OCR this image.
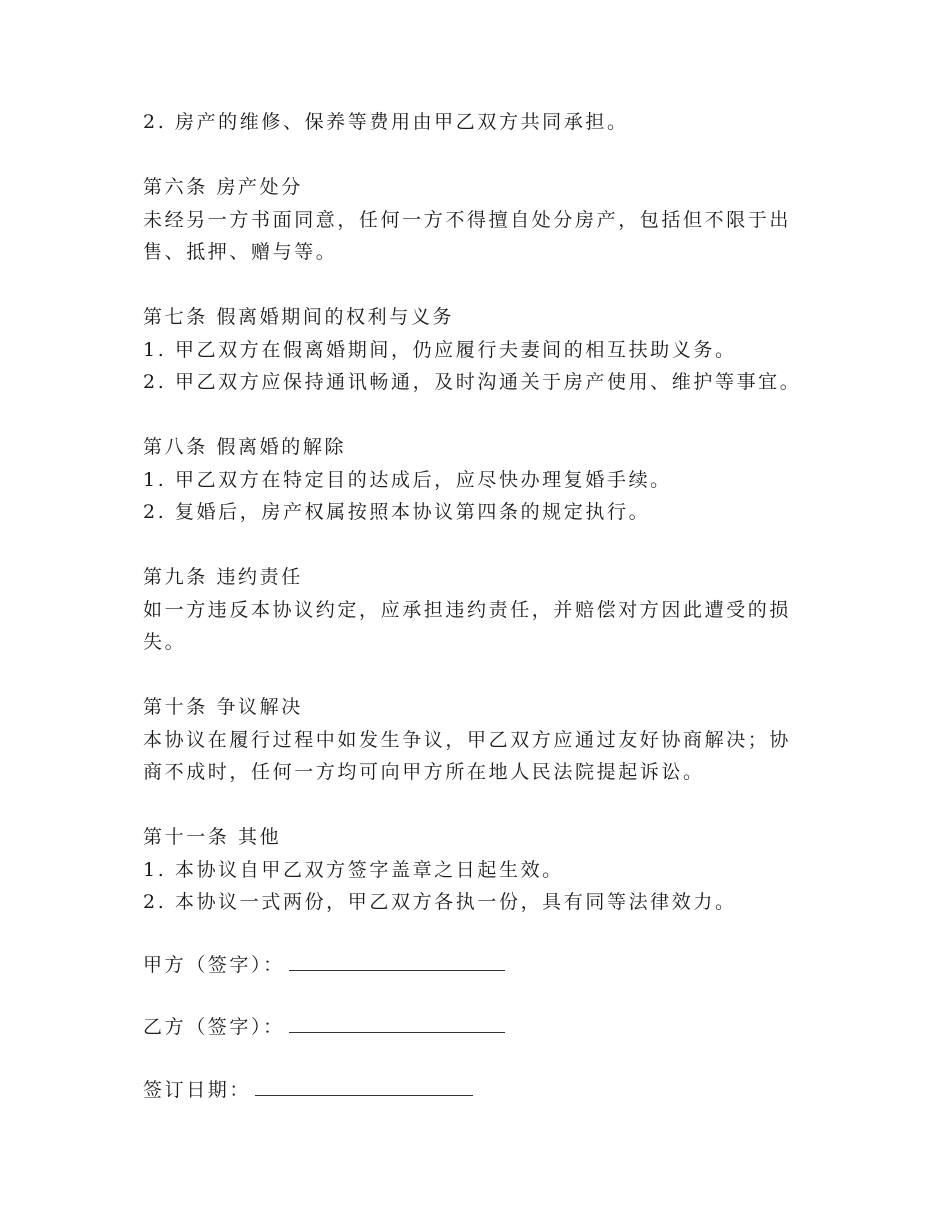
2. 房产的维修、保养等费用由甲乙双方共同承担。

第六条 房产处分

未经另一方书面同意，任何一方不得擅自处分房产，包括但不限于出

售、抵押、赠与等。

第七条 假离婚期间的权利与义务

1. 甲乙双方在假离婚期间，仍应履行夫妻间的相互扶助义务。

2. 甲乙双方应保持通讯畅通，及时沟通关于房产使用、维护等事宜。

第八条 假离婚的解除

1. 甲乙双方在特定目的达成后，应尽快办理复婚手续。

2. 复婚后，房产权属按照本协议第四条的规定执行。

第九条 违约责任

如一方违反本协议约定，应承担违约责任，并赔偿对方因此遭受的损

失。

第十条 争议解决

本协议在履行过程中如发生争议，甲乙双方应通过友好协商解决；协

商不成时，任何一方均可向甲方所在地人民法院提起诉讼。

第十一条 其他

1. 本协议自甲乙双方签字盖章之日起生效。

2. 本协议一式两份，甲乙双方各执一份，具有同等法律效力。

甲方（签字）：

乙方（签字）：

签订日期：
